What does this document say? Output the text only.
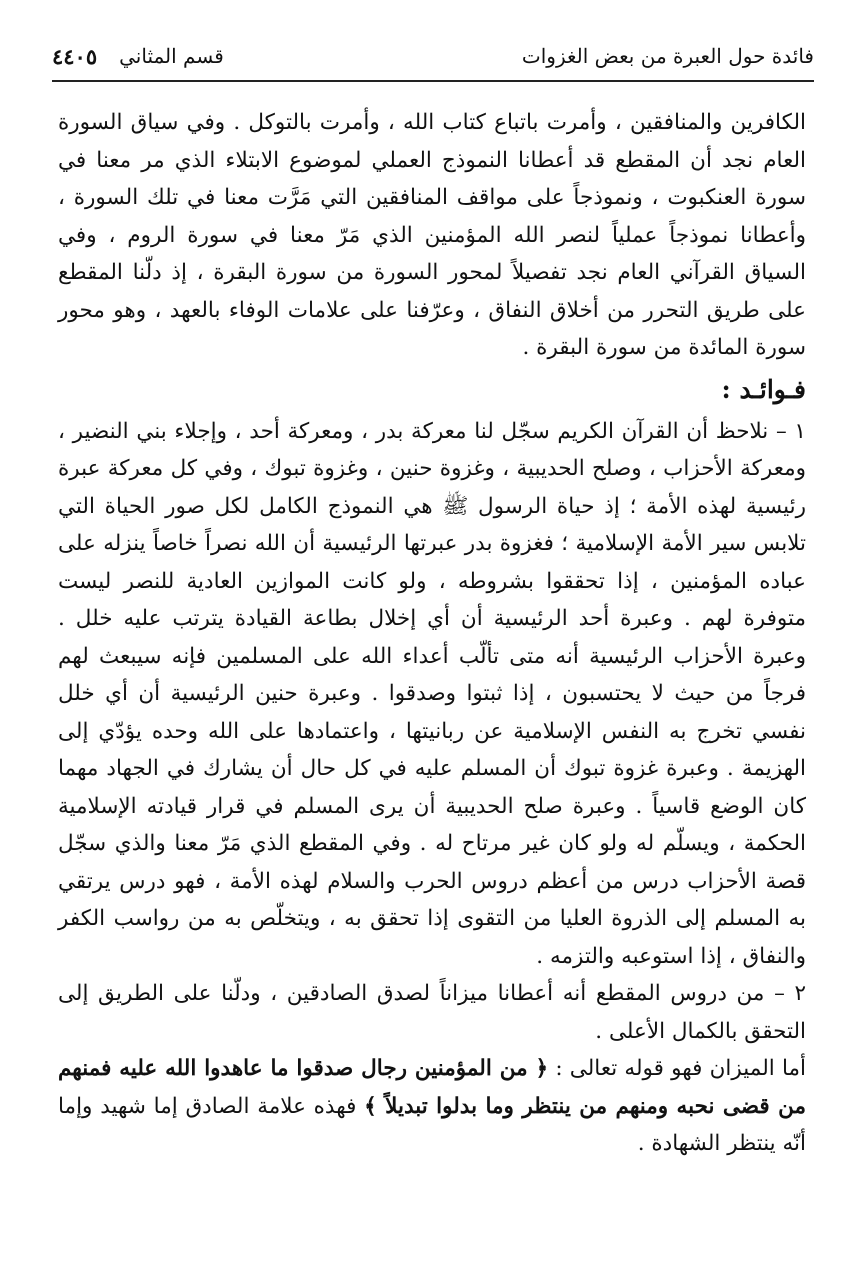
فائدة حول العبرة من بعض الغزوات
قسم المثاني
٤٤٠٥

الكافرين والمنافقين ، وأمرت باتباع كتاب الله ، وأمرت بالتوكل . وفي سياق السورة العام نجد أن المقطع قد أعطانا النموذج العملي لموضوع الابتلاء الذي مر معنا في سورة العنكبوت ، ونموذجاً على مواقف المنافقين التي مَرَّت معنا في تلك السورة ، وأعطانا نموذجاً عملياً لنصر الله المؤمنين الذي مَرّ معنا في سورة الروم ، وفي السياق القرآني العام نجد تفصيلاً لمحور السورة من سورة البقرة ، إذ دلّنا المقطع على طريق التحرر من أخلاق النفاق ، وعرّفنا على علامات الوفاء بالعهد ، وهو محور سورة المائدة من سورة البقرة .

فـوائـد :

١ – نلاحظ أن القرآن الكريم سجّل لنا معركة بدر ، ومعركة أحد ، وإجلاء بني النضير ، ومعركة الأحزاب ، وصلح الحديبية ، وغزوة حنين ، وغزوة تبوك ، وفي كل معركة عبرة رئيسية لهذه الأمة ؛ إذ حياة الرسول ﷺ هي النموذج الكامل لكل صور الحياة التي تلابس سير الأمة الإسلامية ؛ فغزوة بدر عبرتها الرئيسية أن الله نصراً خاصاً ينزله على عباده المؤمنين ، إذا تحققوا بشروطه ، ولو كانت الموازين العادية للنصر ليست متوفرة لهم . وعبرة أحد الرئيسية أن أي إخلال بطاعة القيادة يترتب عليه خلل . وعبرة الأحزاب الرئيسية أنه متى تألّب أعداء الله على المسلمين فإنه سيبعث لهم فرجاً من حيث لا يحتسبون ، إذا ثبتوا وصدقوا . وعبرة حنين الرئيسية أن أي خلل نفسي تخرج به النفس الإسلامية عن ربانيتها ، واعتمادها على الله وحده يؤدّي إلى الهزيمة . وعبرة غزوة تبوك أن المسلم عليه في كل حال أن يشارك في الجهاد مهما كان الوضع قاسياً . وعبرة صلح الحديبية أن يرى المسلم في قرار قيادته الإسلامية الحكمة ، ويسلّم له ولو كان غير مرتاح له . وفي المقطع الذي مَرّ معنا والذي سجّل قصة الأحزاب درس من أعظم دروس الحرب والسلام لهذه الأمة ، فهو درس يرتقي به المسلم إلى الذروة العليا من التقوى إذا تحقق به ، ويتخلّص به من رواسب الكفر والنفاق ، إذا استوعبه والتزمه .

٢ – من دروس المقطع أنه أعطانا ميزاناً لصدق الصادقين ، ودلّنا على الطريق إلى التحقق بالكمال الأعلى .

أما الميزان فهو قوله تعالى : ﴿ من المؤمنين رجال صدقوا ما عاهدوا الله عليه فمنهم من قضى نحبه ومنهم من ينتظر وما بدلوا تبديلاً ﴾ فهذه علامة الصادق إما شهيد وإما أنّه ينتظر الشهادة .
